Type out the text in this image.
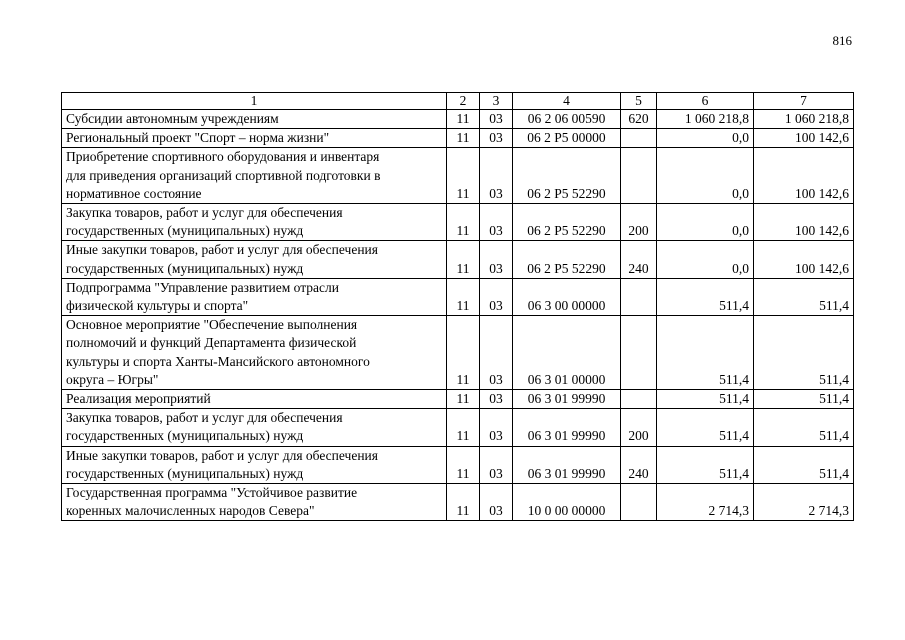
816
1	2	3	4	5	6	7
Субсидии автономным учреждениям	11	03	06 2 06 00590	620	1 060 218,8	1 060 218,8
Региональный проект "Спорт – норма жизни"	11	03	06 2 P5 00000		0,0	100 142,6
Приобретение спортивного оборудования и инвентаря
для приведения организаций спортивной подготовки в
нормативное состояние	11	03	06 2 P5 52290		0,0	100 142,6
Закупка товаров, работ и услуг для обеспечения
государственных (муниципальных) нужд	11	03	06 2 P5 52290	200	0,0	100 142,6
Иные закупки товаров, работ и услуг для обеспечения
государственных (муниципальных) нужд	11	03	06 2 P5 52290	240	0,0	100 142,6
Подпрограмма "Управление развитием отрасли
физической культуры и спорта"	11	03	06 3 00 00000		511,4	511,4
Основное мероприятие "Обеспечение выполнения
полномочий и функций Департамента физической
культуры и спорта Ханты-Мансийского автономного
округа – Югры"	11	03	06 3 01 00000		511,4	511,4
Реализация мероприятий	11	03	06 3 01 99990		511,4	511,4
Закупка товаров, работ и услуг для обеспечения
государственных (муниципальных) нужд	11	03	06 3 01 99990	200	511,4	511,4
Иные закупки товаров, работ и услуг для обеспечения
государственных (муниципальных) нужд	11	03	06 3 01 99990	240	511,4	511,4
Государственная программа "Устойчивое развитие
коренных малочисленных народов Севера"	11	03	10 0 00 00000		2 714,3	2 714,3
